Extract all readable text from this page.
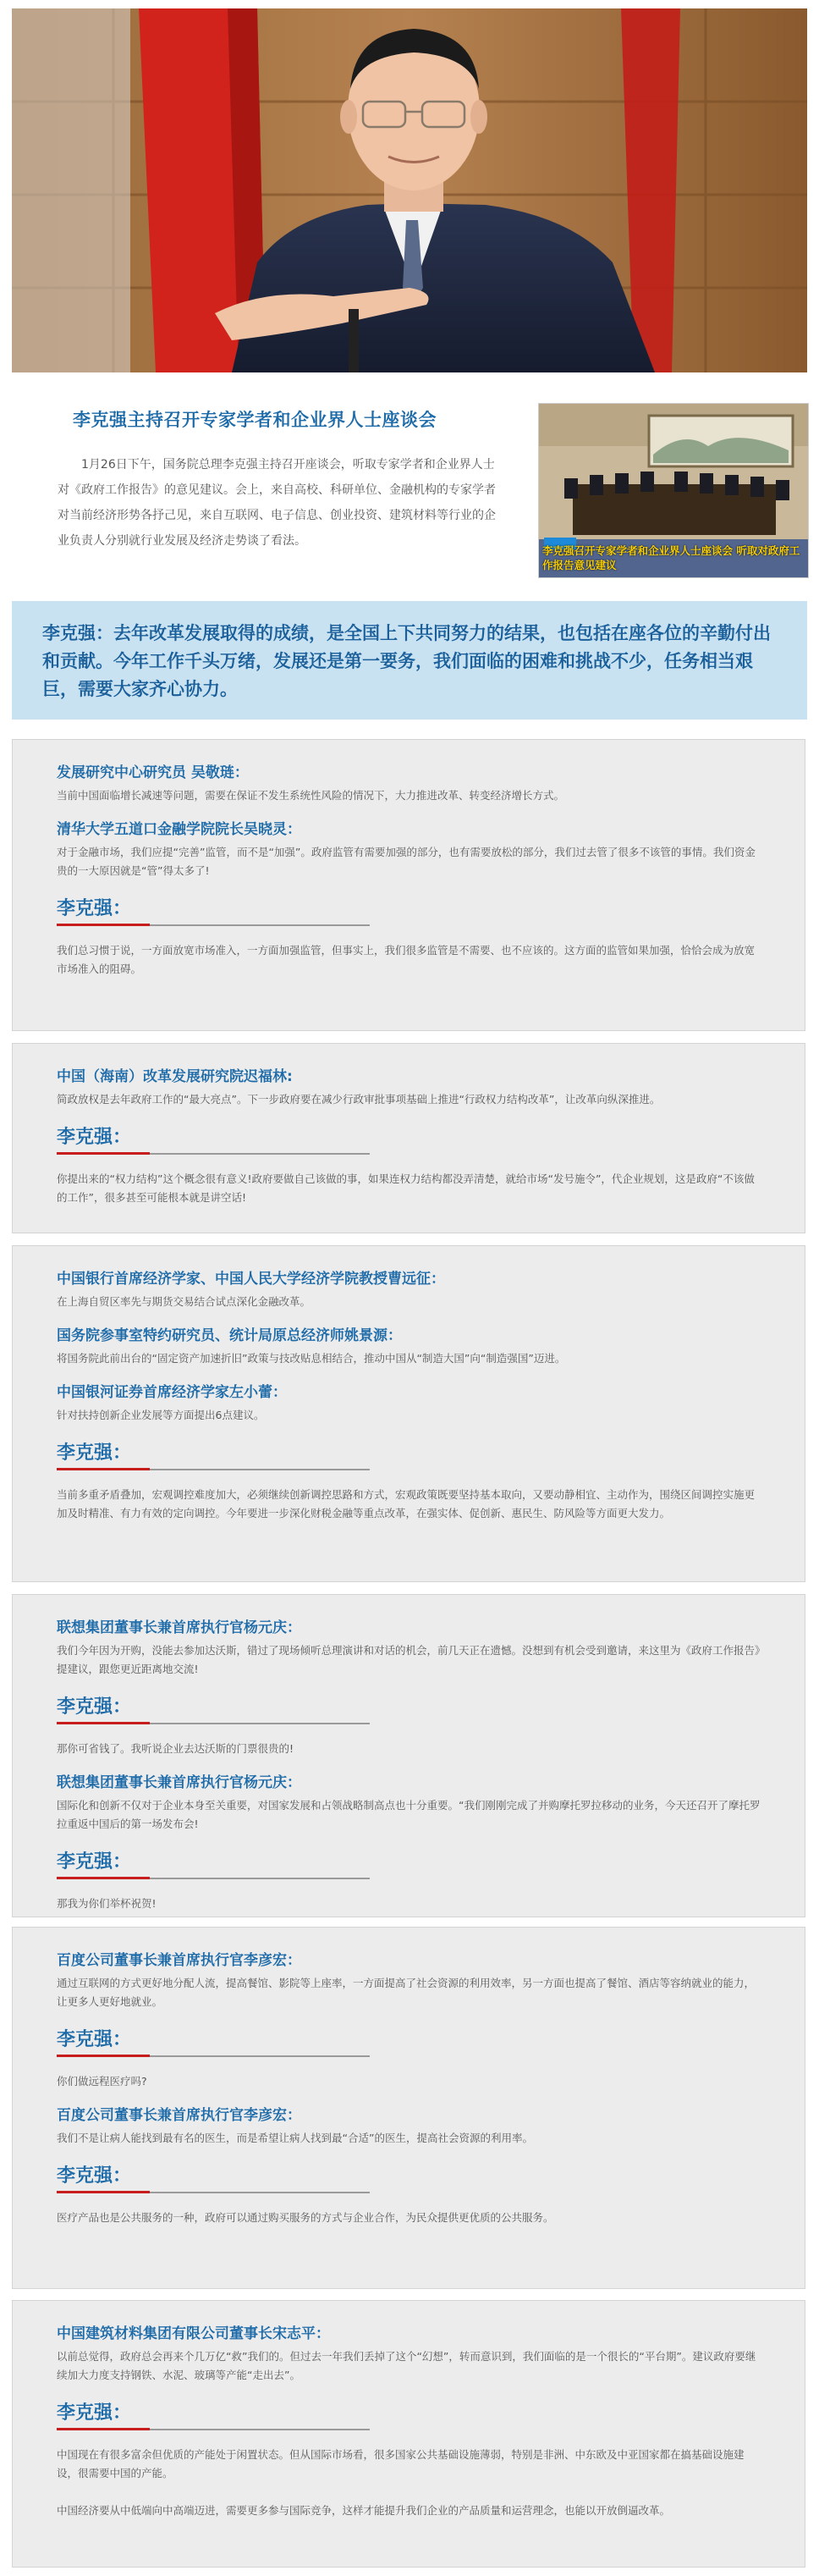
李克强主持召开专家学者和企业界人士座谈会
1月26日下午，国务院总理李克强主持召开座谈会，听取专家学者和企业界人士对《政府工作报告》的意见建议。会上，来自高校、科研单位、金融机构的专家学者对当前经济形势各抒己见，来自互联网、电子信息、创业投资、建筑材料等行业的企业负责人分别就行业发展及经济走势谈了看法。
李克强召开专家学者和企业界人士座谈会 听取对政府工作报告意见建议
李克强：去年改革发展取得的成绩，是全国上下共同努力的结果，也包括在座各位的辛勤付出和贡献。今年工作千头万绪，发展还是第一要务，我们面临的困难和挑战不少，任务相当艰巨，需要大家齐心协力。
发展研究中心研究员 吴敬琏：
当前中国面临增长减速等问题，需要在保证不发生系统性风险的情况下，大力推进改革、转变经济增长方式。
清华大学五道口金融学院院长吴晓灵：
对于金融市场，我们应提“完善”监管，而不是“加强”。政府监管有需要加强的部分，也有需要放松的部分，我们过去管了很多不该管的事情。我们资金贵的一大原因就是“管”得太多了!
李克强：
我们总习惯于说，一方面放宽市场准入，一方面加强监管，但事实上，我们很多监管是不需要、也不应该的。这方面的监管如果加强，恰恰会成为放宽市场准入的阻碍。
中国（海南）改革发展研究院迟福林:
简政放权是去年政府工作的“最大亮点”。下一步政府要在减少行政审批事项基础上推进“行政权力结构改革”，让改革向纵深推进。
李克强：
你提出来的“权力结构”这个概念很有意义!政府要做自己该做的事，如果连权力结构都没弄清楚，就给市场“发号施令”，代企业规划，这是政府“不该做的工作”，很多甚至可能根本就是讲空话!
中国银行首席经济学家、中国人民大学经济学院教授曹远征：
在上海自贸区率先与期货交易结合试点深化金融改革。
国务院参事室特约研究员、统计局原总经济师姚景源：
将国务院此前出台的“固定资产加速折旧”政策与技改贴息相结合，推动中国从“制造大国”向“制造强国”迈进。
中国银河证券首席经济学家左小蕾：
针对扶持创新企业发展等方面提出6点建议。
李克强：
当前多重矛盾叠加，宏观调控难度加大，必须继续创新调控思路和方式，宏观政策既要坚持基本取向，又要动静相宜、主动作为，围绕区间调控实施更加及时精准、有力有效的定向调控。今年要进一步深化财税金融等重点改革，在强实体、促创新、惠民生、防风险等方面更大发力。
联想集团董事长兼首席执行官杨元庆：
我们今年因为开购，没能去参加达沃斯，错过了现场倾听总理演讲和对话的机会，前几天正在遗憾。没想到有机会受到邀请，来这里为《政府工作报告》提建议，跟您更近距离地交流!
李克强：
那你可省钱了。我听说企业去达沃斯的门票很贵的!
联想集团董事长兼首席执行官杨元庆：
国际化和创新不仅对于企业本身至关重要，对国家发展和占领战略制高点也十分重要。“我们刚刚完成了并购摩托罗拉移动的业务，今天还召开了摩托罗拉重返中国后的第一场发布会!
李克强：
那我为你们举杯祝贺!
百度公司董事长兼首席执行官李彦宏：
通过互联网的方式更好地分配人流，提高餐馆、影院等上座率，一方面提高了社会资源的利用效率，另一方面也提高了餐馆、酒店等容纳就业的能力，让更多人更好地就业。
李克强：
你们做远程医疗吗?
百度公司董事长兼首席执行官李彦宏：
我们不是让病人能找到最有名的医生，而是希望让病人找到最“合适”的医生，提高社会资源的利用率。
李克强：
医疗产品也是公共服务的一种，政府可以通过购买服务的方式与企业合作，为民众提供更优质的公共服务。
中国建筑材料集团有限公司董事长宋志平：
以前总觉得，政府总会再来个几万亿“救”我们的。但过去一年我们丢掉了这个“幻想”，转而意识到，我们面临的是一个很长的“平台期”。建议政府要继续加大力度支持钢铁、水泥、玻璃等产能“走出去”。
李克强：
中国现在有很多富余但优质的产能处于闲置状态。但从国际市场看，很多国家公共基础设施薄弱，特别是非洲、中东欧及中亚国家都在搞基础设施建设，很需要中国的产能。
中国经济要从中低端向中高端迈进，需要更多参与国际竞争，这样才能提升我们企业的产品质量和运营理念，也能以开放倒逼改革。
